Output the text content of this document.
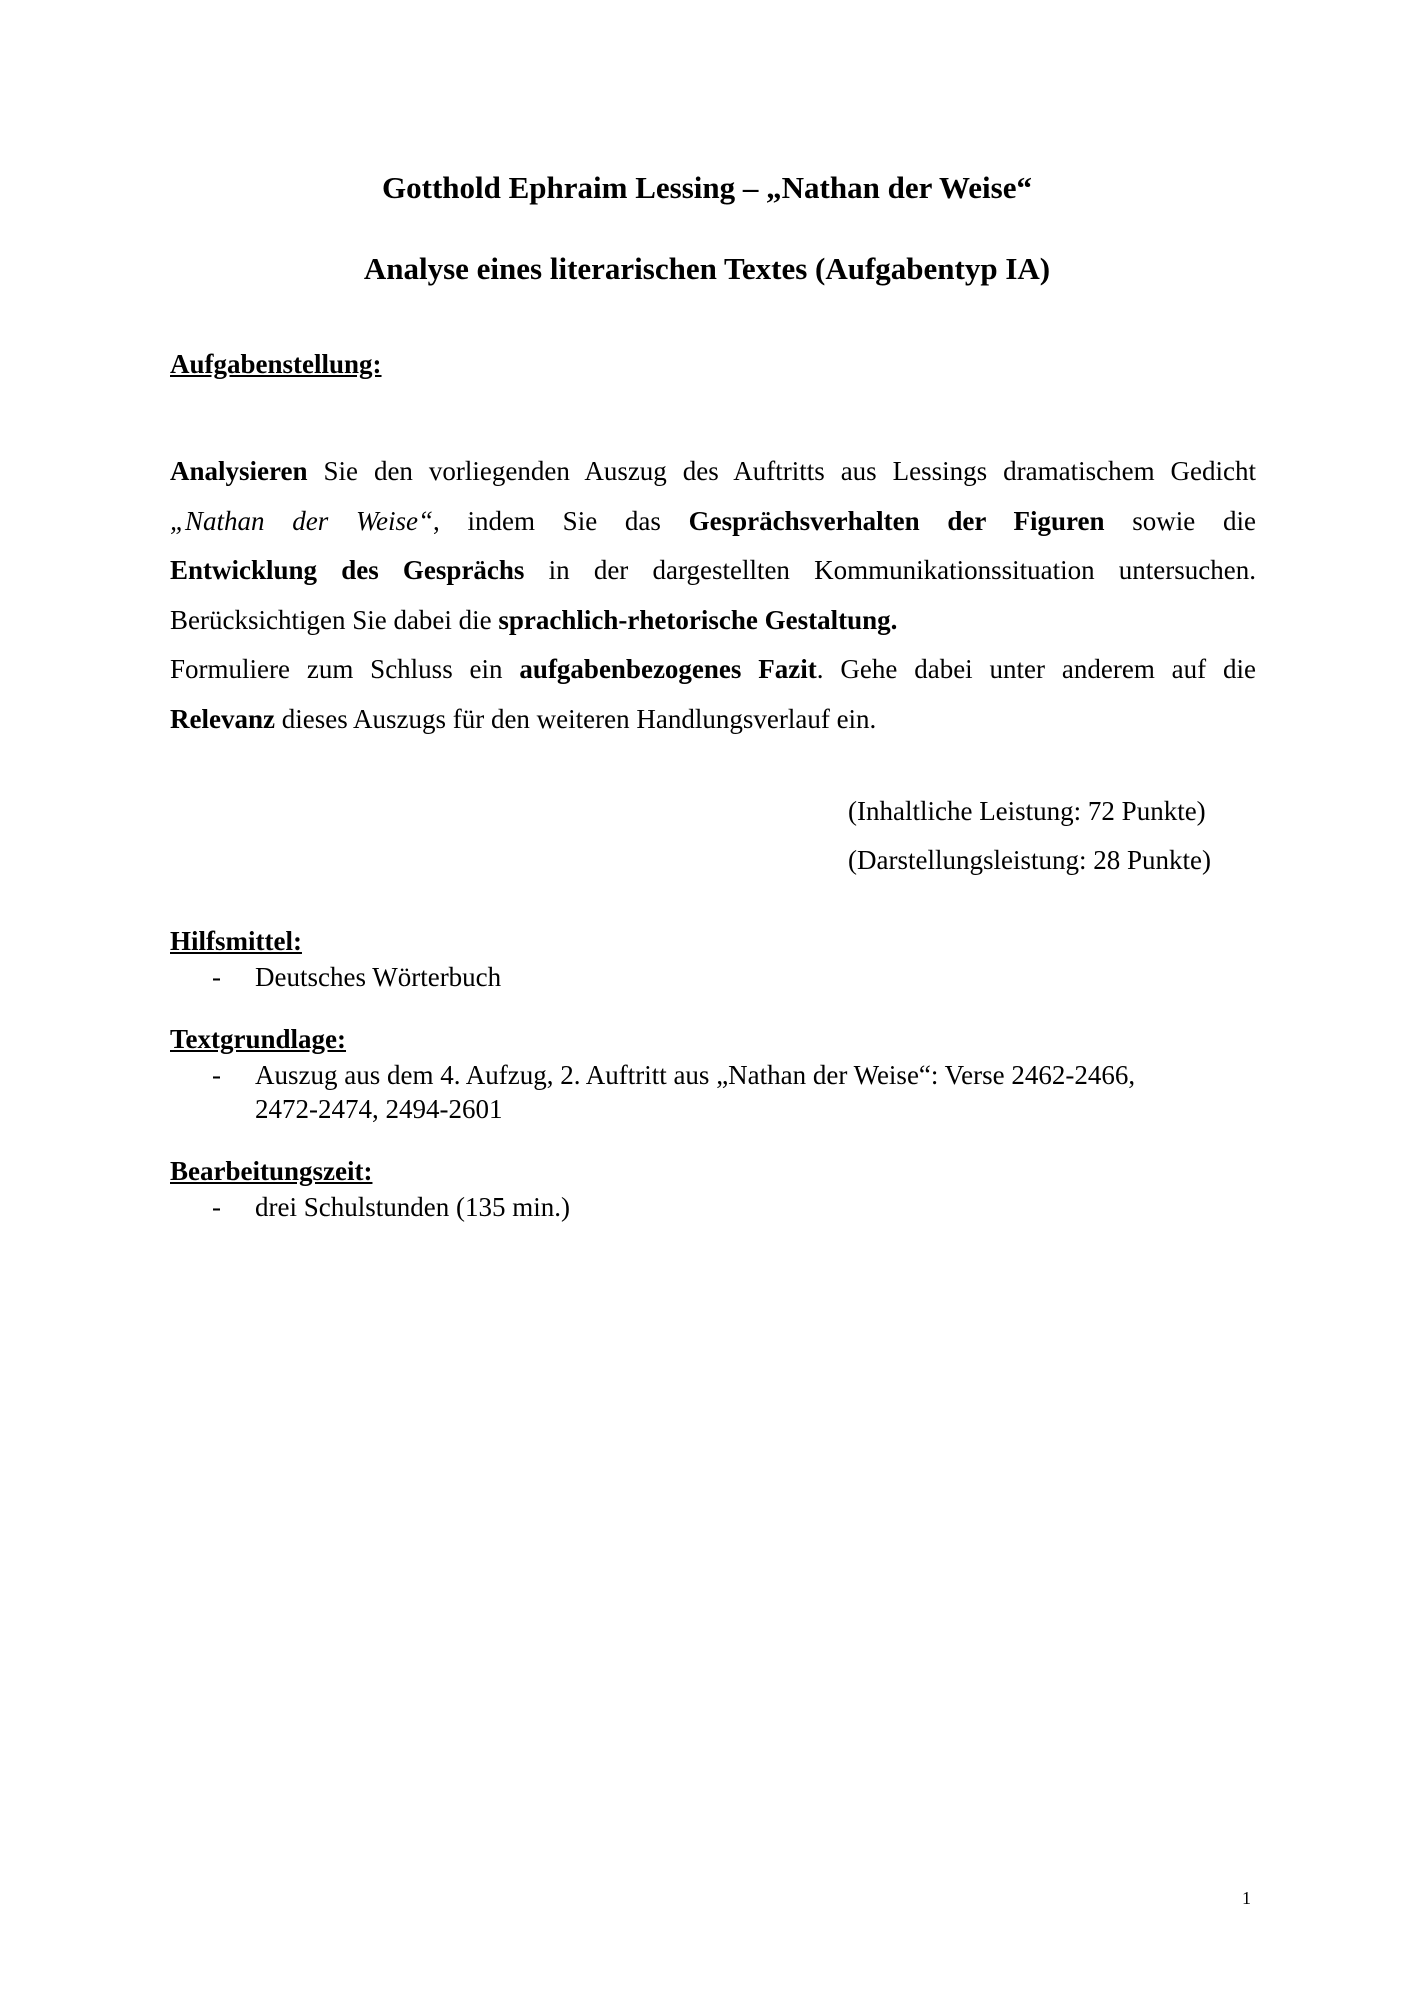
Gotthold Ephraim Lessing – „Nathan der Weise“
Analyse eines literarischen Textes (Aufgabentyp IA)

Aufgabenstellung:

Analysieren Sie den vorliegenden Auszug des Auftritts aus Lessings dramatischem Gedicht
„Nathan der Weise“, indem Sie das Gesprächsverhalten der Figuren sowie die
Entwicklung des Gesprächs in der dargestellten Kommunikationssituation untersuchen.
Berücksichtigen Sie dabei die sprachlich-rhetorische Gestaltung.
Formuliere zum Schluss ein aufgabenbezogenes Fazit. Gehe dabei unter anderem auf die
Relevanz dieses Auszugs für den weiteren Handlungsverlauf ein.

(Inhaltliche Leistung: 72 Punkte)

(Darstellungsleistung: 28 Punkte)

Hilfsmittel:

- Deutsches Wörterbuch

Textgrundlage:

- Auszug aus dem 4. Aufzug, 2. Auftritt aus „Nathan der Weise“: Verse 2462-2466,
2472-2474, 2494-2601

Bearbeitungszeit:

- drei Schulstunden (135 min.)

1
